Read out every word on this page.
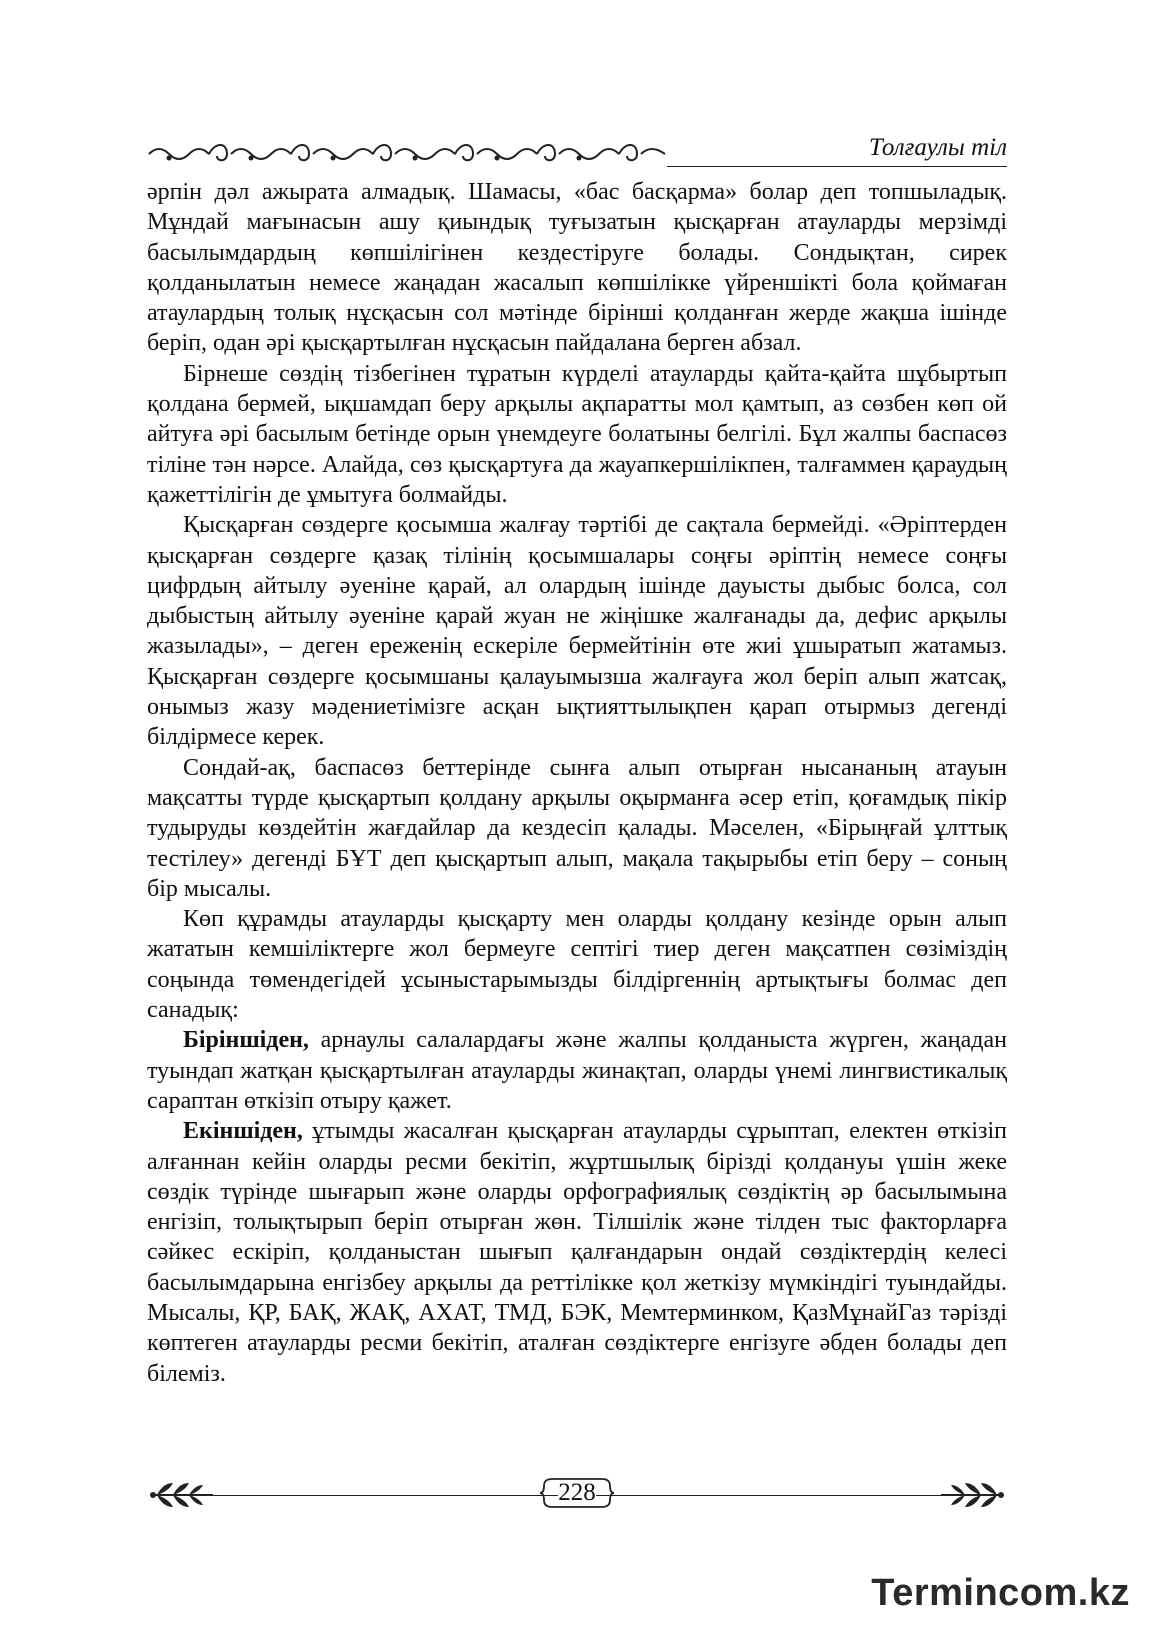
Толғаулы тіл

әрпін дәл ажырата алмадық. Шамасы, «бас басқарма» болар деп топшыладық. Мұндай мағынасын ашу қиындық туғызатын қысқарған атауларды мерзімді басылымдардың көпшілігінен кездестіруге болады. Сондықтан, сирек қолданылатын немесе жаңадан жасалып көпшілікке үйреншікті бола қоймаған атаулардың толық нұсқасын сол мәтінде бірінші қолданған жерде жақша ішінде беріп, одан әрі қысқартылған нұсқасын пайдалана берген абзал.

Бірнеше сөздің тізбегінен тұратын күрделі атауларды қайта-қайта шұбыртып қолдана бермей, ықшамдап беру арқылы ақпаратты мол қамтып, аз сөзбен көп ой айтуға әрі басылым бетінде орын үнемдеуге болатыны белгілі. Бұл жалпы баспасөз тіліне тән нәрсе. Алайда, сөз қысқартуға да жауапкершілікпен, талғаммен қараудың қажеттілігін де ұмытуға болмайды.

Қысқарған сөздерге қосымша жалғау тәртібі де сақтала бермейді. «Әріптерден қысқарған сөздерге қазақ тілінің қосымшалары соңғы әріптің немесе соңғы цифрдың айтылу әуеніне қарай, ал олардың ішінде дауысты дыбыс болса, сол дыбыстың айтылу әуеніне қарай жуан не жіңішке жалғанады да, дефис арқылы жазылады», – деген ереженің ескеріле бермейтінін өте жиі ұшыратып жатамыз. Қысқарған сөздерге қосымшаны қалауымызша жалғауға жол беріп алып жатсақ, онымыз жазу мәдениетімізге асқан ықтияттылықпен қарап отырмыз дегенді білдірмесе керек.

Сондай-ақ, баспасөз беттерінде сынға алып отырған нысананың атауын мақсатты түрде қысқартып қолдану арқылы оқырманға әсер етіп, қоғамдық пікір тудыруды көздейтін жағдайлар да кездесіп қалады. Мәселен, «Бірыңғай ұлттық тестілеу» дегенді БҰТ деп қысқартып алып, мақала тақырыбы етіп беру – соның бір мысалы.

Көп құрамды атауларды қысқарту мен оларды қолдану кезінде орын алып жататын кемшіліктерге жол бермеуге септігі тиер деген мақсатпен сөзіміздің соңында төмендегідей ұсыныстарымызды білдіргеннің артықтығы болмас деп санадық:

Біріншіден, арнаулы салалардағы және жалпы қолданыста жүрген, жаңадан туындап жатқан қысқартылған атауларды жинақтап, оларды үнемі лингвистикалық сараптан өткізіп отыру қажет.

Екіншіден, ұтымды жасалған қысқарған атауларды сұрыптап, електен өткізіп алғаннан кейін оларды ресми бекітіп, жұртшылық біріздi қолдануы үшін жеке сөздік түрінде шығарып және оларды орфографиялық сөздіктің әр басылымына енгізіп, толықтырып беріп отырған жөн. Тілшілік және тілден тыс факторларға сәйкес ескіріп, қолданыстан шығып қалғандарын ондай сөздіктердің келесі басылымдарына енгізбеу арқылы да реттілікке қол жеткізу мүмкіндігі туындайды. Мысалы, ҚР, БАҚ, ЖАҚ, АХАТ, ТМД, БЭК, Мемтерминком, ҚазМұнайГаз тәрізді көптеген атауларды ресми бекітіп, аталған сөздіктерге енгізуге әбден болады деп білеміз.

228
Termincom.kz
